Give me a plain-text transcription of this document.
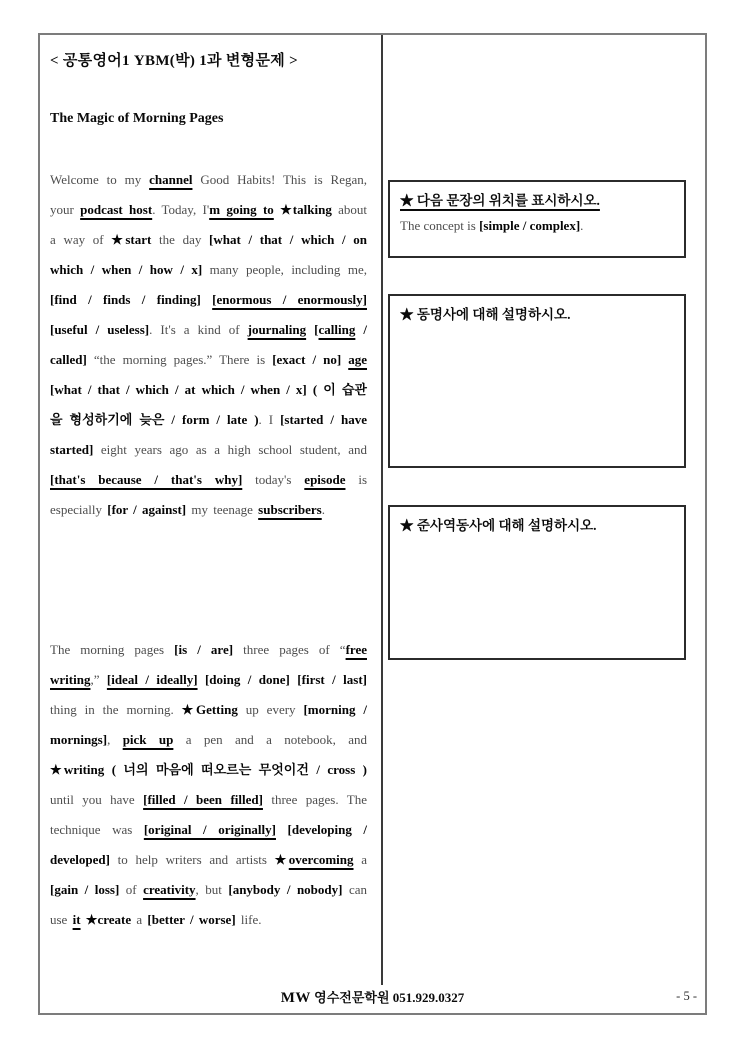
< 공통영어1 YBM(박) 1과 변형문제 >
The Magic of Morning Pages
Welcome to my channel Good Habits! This is Regan, your podcast host. Today, I'm going to ★talking about a way of ★start the day [what / that / which / on which / when / how / x] many people, including me, [find / finds / finding] [enormous / enormously] [useful / useless]. It's a kind of journaling [calling / called] “the morning pages.” There is [exact / no] age [what / that / which / at which / when / x] ( 이 습관을 형성하기에 늦은 / form / late ). I [started / have started] eight years ago as a high school student, and [that's because / that's why] today's episode is especially [for / against] my teenage subscribers.
The morning pages [is / are] three pages of “free writing,” [ideal / ideally] [doing / done] [first / last] thing in the morning. ★Getting up every [morning / mornings], pick up a pen and a notebook, and ★writing ( 너의 마음에 떠오르는 무엇이건 / cross ) until you have [filled / been filled] three pages. The technique was [original / originally] [developing / developed] to help writers and artists ★overcoming a [gain / loss] of creativity, but [anybody / nobody] can use it ★create a [better / worse] life.
★ 다음 문장의 위치를 표시하시오.
The concept is [simple / complex].
★ 동명사에 대해 설명하시오.
★ 준사역동사에 대해 설명하시오.
MW 영수전문학원 051.929.0327	- 5 -
